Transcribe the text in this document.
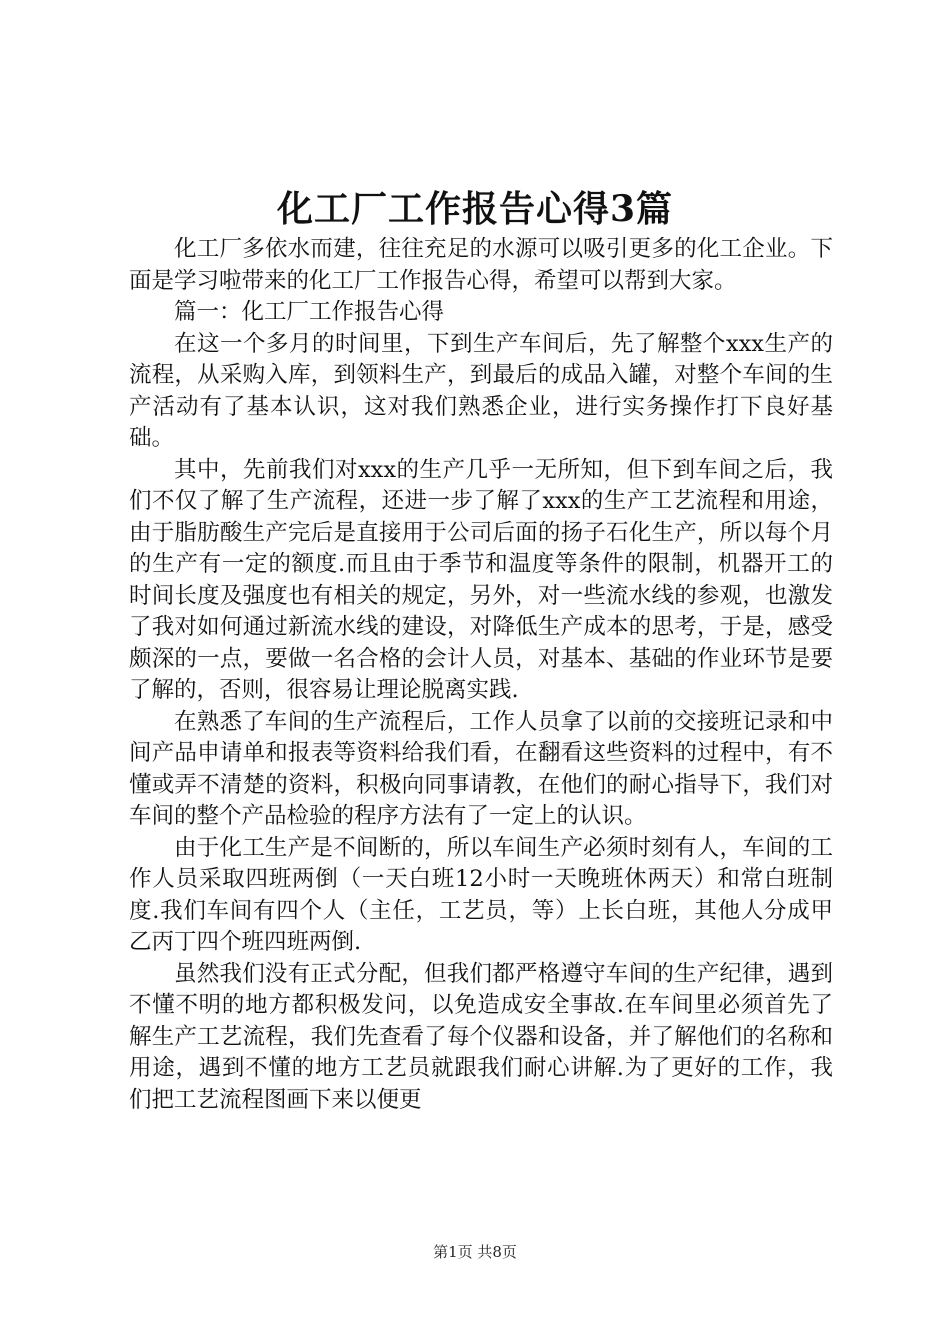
化工厂工作报告心得3篇

化工厂多依水而建，往往充足的水源可以吸引更多的化工企业。下面是学习啦带来的化工厂工作报告心得，希望可以帮到大家。

篇一：化工厂工作报告心得

在这一个多月的时间里，下到生产车间后，先了解整个xxx生产的流程，从采购入库，到领料生产，到最后的成品入罐，对整个车间的生产活动有了基本认识，这对我们熟悉企业，进行实务操作打下良好基础。

其中，先前我们对xxx的生产几乎一无所知，但下到车间之后，我们不仅了解了生产流程，还进一步了解了xxx的生产工艺流程和用途，由于脂肪酸生产完后是直接用于公司后面的扬子石化生产，所以每个月的生产有一定的额度.而且由于季节和温度等条件的限制，机器开工的时间长度及强度也有相关的规定，另外，对一些流水线的参观，也激发了我对如何通过新流水线的建设，对降低生产成本的思考，于是，感受颇深的一点，要做一名合格的会计人员，对基本、基础的作业环节是要了解的，否则，很容易让理论脱离实践.

在熟悉了车间的生产流程后，工作人员拿了以前的交接班记录和中间产品申请单和报表等资料给我们看，在翻看这些资料的过程中，有不懂或弄不清楚的资料，积极向同事请教，在他们的耐心指导下，我们对车间的整个产品检验的程序方法有了一定上的认识。

由于化工生产是不间断的，所以车间生产必须时刻有人，车间的工作人员采取四班两倒（一天白班12小时一天晚班休两天）和常白班制度.我们车间有四个人（主任，工艺员，等）上长白班，其他人分成甲乙丙丁四个班四班两倒.

虽然我们没有正式分配，但我们都严格遵守车间的生产纪律，遇到不懂不明的地方都积极发问，以免造成安全事故.在车间里必须首先了解生产工艺流程，我们先查看了每个仪器和设备，并了解他们的名称和用途，遇到不懂的地方工艺员就跟我们耐心讲解.为了更好的工作，我们把工艺流程图画下来以便更

第1页 共8页
